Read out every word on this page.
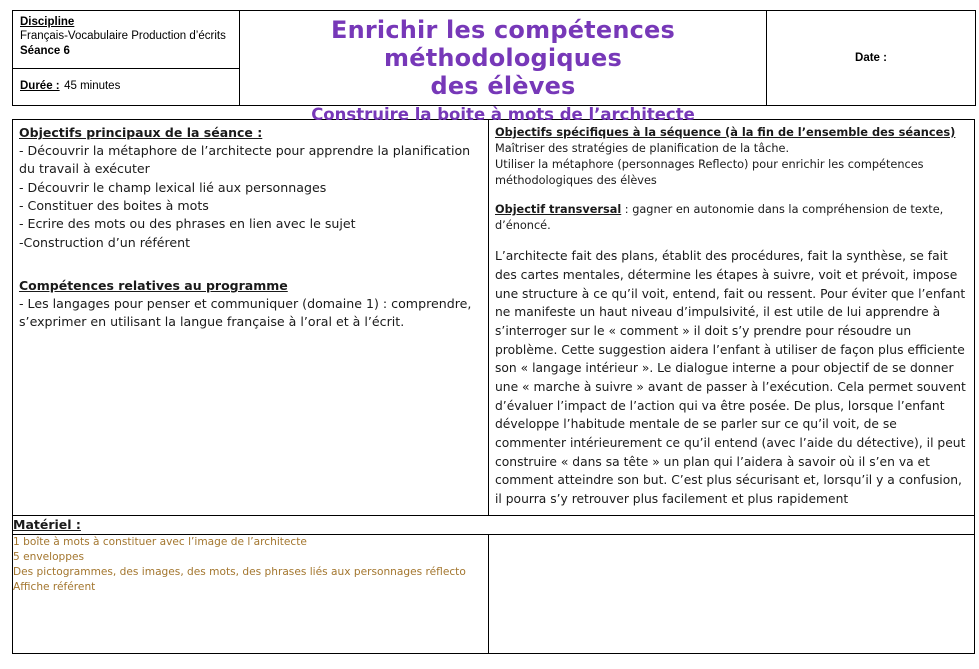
Discipline
Français-Vocabulaire Production d’écrits
Séance 6
Durée : 45 minutes

Enrichir les compétences méthodologiques
des élèves
Construire la boite à mots de l’architecte

Date :
Objectifs principaux de la séance :
- Découvrir la métaphore de l’architecte pour apprendre la planification du travail à exécuter
- Découvrir le champ lexical lié aux personnages
- Constituer des boites à mots
- Ecrire des mots ou des phrases en lien avec le sujet
-Construction d’un référent
Compétences relatives au programme
- Les langages pour penser et communiquer (domaine 1) : comprendre, s’exprimer en utilisant la langue française à l’oral et à l’écrit.

Objectifs spécifiques à la séquence (à la fin de l’ensemble des séances)
Maîtriser des stratégies de planification de la tâche.
Utiliser la métaphore (personnages Reflecto) pour enrichir les compétences méthodologiques des élèves
Objectif transversal : gagner en autonomie dans la compréhension de texte, d’énoncé.

L’architecte fait des plans, établit des procédures, fait la synthèse, se fait des cartes mentales, détermine les étapes à suivre, voit et prévoit, impose une structure à ce qu’il voit, entend, fait ou ressent. Pour éviter que l’enfant ne manifeste un haut niveau d’impulsivité, il est utile de lui apprendre à s’interroger sur le « comment » il doit s’y prendre pour résoudre un problème. Cette suggestion aidera l’enfant à utiliser de façon plus efficiente son « langage intérieur ». Le dialogue interne a pour objectif de se donner une « marche à suivre » avant de passer à l’exécution. Cela permet souvent d’évaluer l’impact de l’action qui va être posée. De plus, lorsque l’enfant développe l’habitude mentale de se parler sur ce qu’il voit, de se commenter intérieurement ce qu’il entend (avec l’aide du détective), il peut construire « dans sa tête » un plan qui l’aidera à savoir où il s’en va et comment atteindre son but. C’est plus sécurisant et, lorsqu’il y a confusion, il pourra s’y retrouver plus facilement et plus rapidement

Matériel :	

1 boîte à mots à constituer avec l’image de l’architecte
5 enveloppes
Des pictogrammes, des images, des mots, des phrases liés aux personnages réflecto
Affiche référent	
